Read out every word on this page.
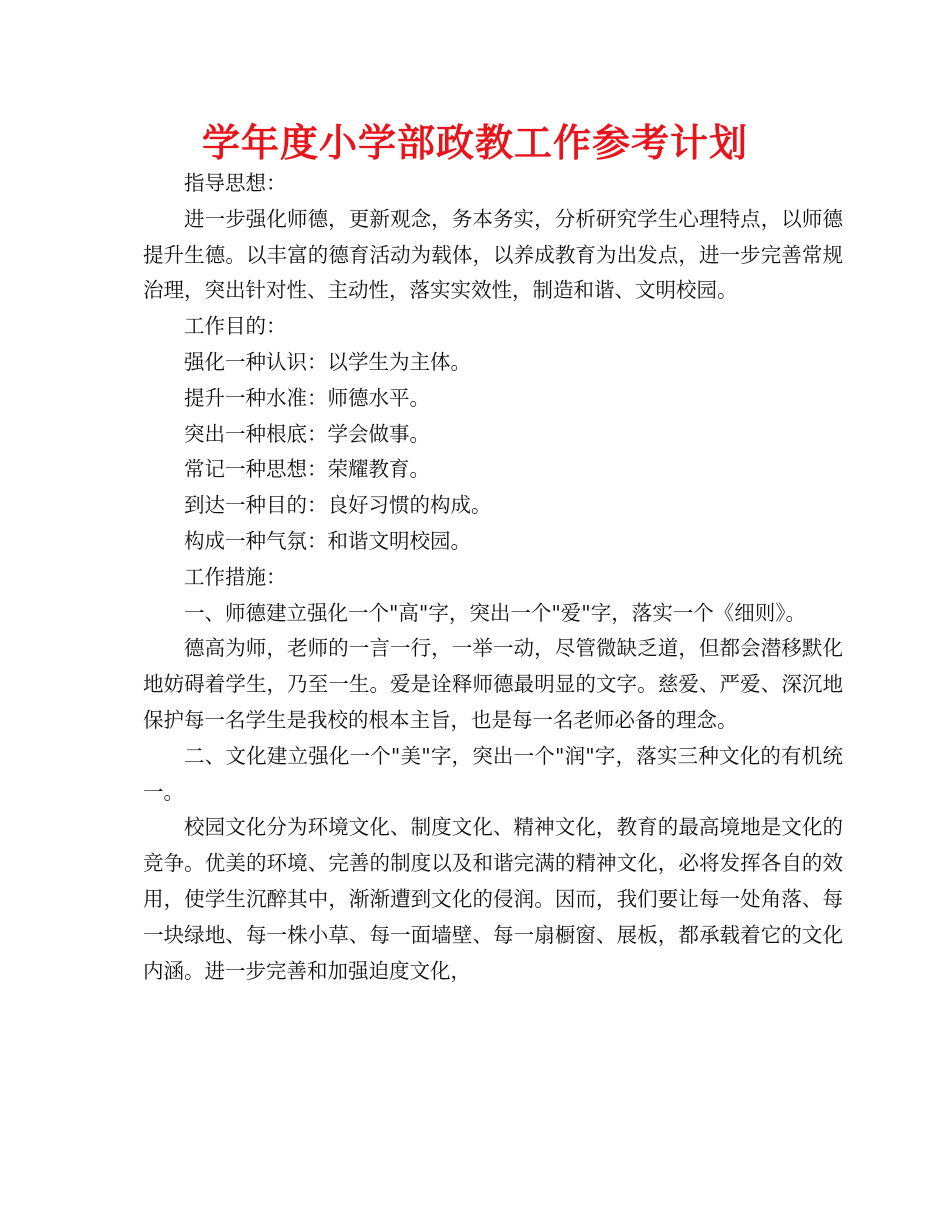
学年度小学部政教工作参考计划

指导思想：

进一步强化师德，更新观念，务本务实，分析研究学生心理特点，以师德提升生德。以丰富的德育活动为载体，以养成教育为出发点，进一步完善常规治理，突出针对性、主动性，落实实效性，制造和谐、文明校园。

工作目的：

强化一种认识：以学生为主体。

提升一种水准：师德水平。

突出一种根底：学会做事。

常记一种思想：荣耀教育。

到达一种目的：良好习惯的构成。

构成一种气氛：和谐文明校园。

工作措施：

一、师德建立强化一个"高"字，突出一个"爱"字，落实一个《细则》。

德高为师，老师的一言一行，一举一动，尽管微缺乏道，但都会潜移默化地妨碍着学生，乃至一生。爱是诠释师德最明显的文字。慈爱、严爱、深沉地保护每一名学生是我校的根本主旨，也是每一名老师必备的理念。

二、文化建立强化一个"美"字，突出一个"润"字，落实三种文化的有机统一。

校园文化分为环境文化、制度文化、精神文化，教育的最高境地是文化的竞争。优美的环境、完善的制度以及和谐完满的精神文化，必将发挥各自的效用，使学生沉醉其中，渐渐遭到文化的侵润。因而，我们要让每一处角落、每一块绿地、每一株小草、每一面墙壁、每一扇橱窗、展板，都承载着它的文化内涵。进一步完善和加强迫度文化，
